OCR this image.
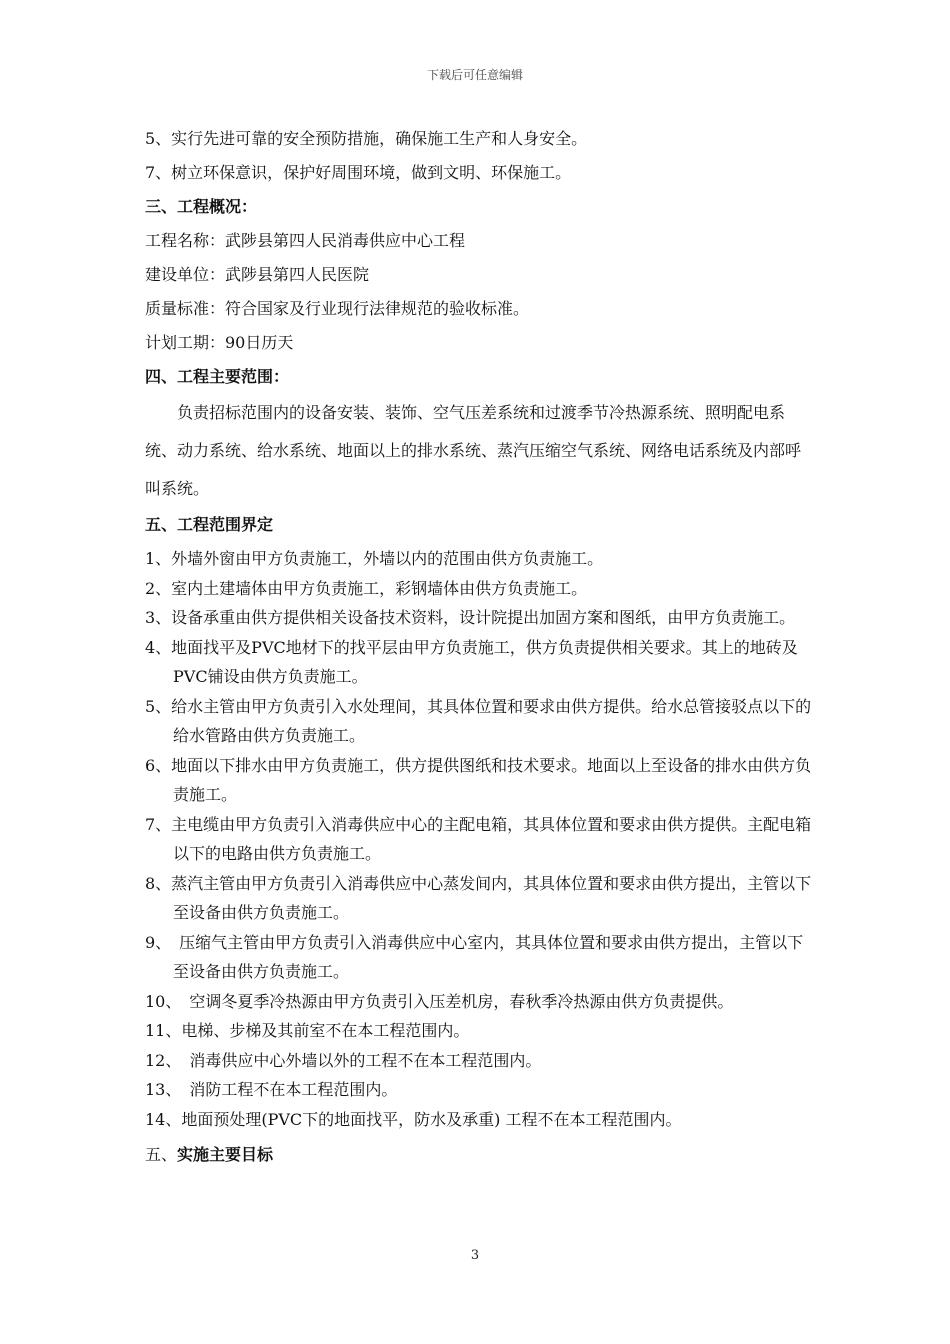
下载后可任意编辑
5、实行先进可靠的安全预防措施，确保施工生产和人身安全。
7、树立环保意识，保护好周围环境，做到文明、环保施工。
三、工程概况：
工程名称：武陟县第四人民消毒供应中心工程
建设单位：武陟县第四人民医院
质量标准：符合国家及行业现行法律规范的验收标准。
计划工期：90日历天
四、工程主要范围：

负责招标范围内的设备安装、装饰、空气压差系统和过渡季节冷热源系统、照明配电系统、动力系统、给水系统、地面以上的排水系统、蒸汽压缩空气系统、网络电话系统及内部呼叫系统。

五、工程范围界定
1、外墙外窗由甲方负责施工，外墙以内的范围由供方负责施工。
2、室内土建墙体由甲方负责施工，彩钢墙体由供方负责施工。
3、设备承重由供方提供相关设备技术资料，设计院提出加固方案和图纸，由甲方负责施工。
4、地面找平及PVC地材下的找平层由甲方负责施工，供方负责提供相关要求。其上的地砖及PVC铺设由供方负责施工。
5、给水主管由甲方负责引入水处理间，其具体位置和要求由供方提供。给水总管接驳点以下的给水管路由供方负责施工。
6、地面以下排水由甲方负责施工，供方提供图纸和技术要求。地面以上至设备的排水由供方负责施工。
7、主电缆由甲方负责引入消毒供应中心的主配电箱，其具体位置和要求由供方提供。主配电箱以下的电路由供方负责施工。
8、蒸汽主管由甲方负责引入消毒供应中心蒸发间内，其具体位置和要求由供方提出，主管以下至设备由供方负责施工。
9、　压缩气主管由甲方负责引入消毒供应中心室内，其具体位置和要求由供方提出，主管以下至设备由供方负责施工。
10、　空调冬夏季冷热源由甲方负责引入压差机房，春秋季冷热源由供方负责提供。
11、电梯、步梯及其前室不在本工程范围内。
12、　消毒供应中心外墙以外的工程不在本工程范围内。
13、　消防工程不在本工程范围内。
14、地面预处理(PVC下的地面找平，防水及承重) 工程不在本工程范围内。
五、实施主要目标
3
